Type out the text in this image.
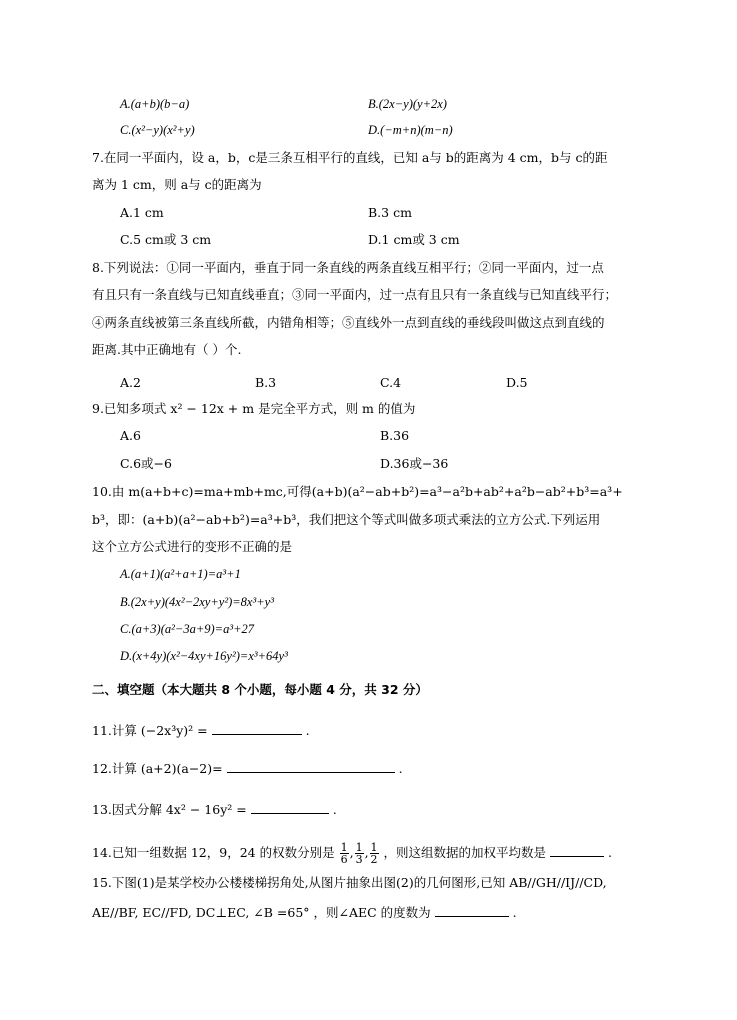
A.(a+b)(b−a)	B.(2x−y)(y+2x)
C.(x²−y)(x²+y)	D.(−m+n)(m−n)
7.在同一平面内，设 a，b，c是三条互相平行的直线，已知 a与 b的距离为 4 cm，b与 c的距
离为 1 cm，则 a与 c的距离为
A.1 cm	B.3 cm
C.5 cm或 3 cm	D.1 cm或 3 cm
8.下列说法：①同一平面内，垂直于同一条直线的两条直线互相平行；②同一平面内，过一点
有且只有一条直线与已知直线垂直；③同一平面内，过一点有且只有一条直线与已知直线平行；
④两条直线被第三条直线所截，内错角相等；⑤直线外一点到直线的垂线段叫做这点到直线的
距离.其中正确地有（ ）个.
A.2	B.3	C.4	D.5
9.已知多项式 x² − 12x + m 是完全平方式，则 m 的值为
A.6	B.36
C.6或−6	D.36或−36
10.由 m(a+b+c)=ma+mb+mc,可得(a+b)(a²−ab+b²)=a³−a²b+ab²+a²b−ab²+b³=a³+
b³，即：(a+b)(a²−ab+b²)=a³+b³，我们把这个等式叫做多项式乘法的立方公式.下列运用
这个立方公式进行的变形不正确的是
A.(a+1)(a²+a+1)=a³+1
B.(2x+y)(4x²−2xy+y²)=8x³+y³
C.(a+3)(a²−3a+9)=a³+27
D.(x+4y)(x²−4xy+16y²)=x³+64y³
二、填空题（本大题共 8 个小题，每小题 4 分，共 32 分）
11.计算 (−2x³y)² =	.
12.计算 (a+2)(a−2)=	.
13.因式分解 4x² − 16y² =	.
14.已知一组数据 12，9，24 的权数分别是 $\frac{1}{6}$ , $\frac{1}{3}$ , $\frac{1}{2}$ ，则这组数据的加权平均数是	.
15.下图(1)是某学校办公楼楼梯拐角处,从图片抽象出图(2)的几何图形,已知 AB//GH//IJ//CD,
AE//BF, EC//FD, DC⊥EC, ∠B =65° ，则∠AEC 的度数为	.
